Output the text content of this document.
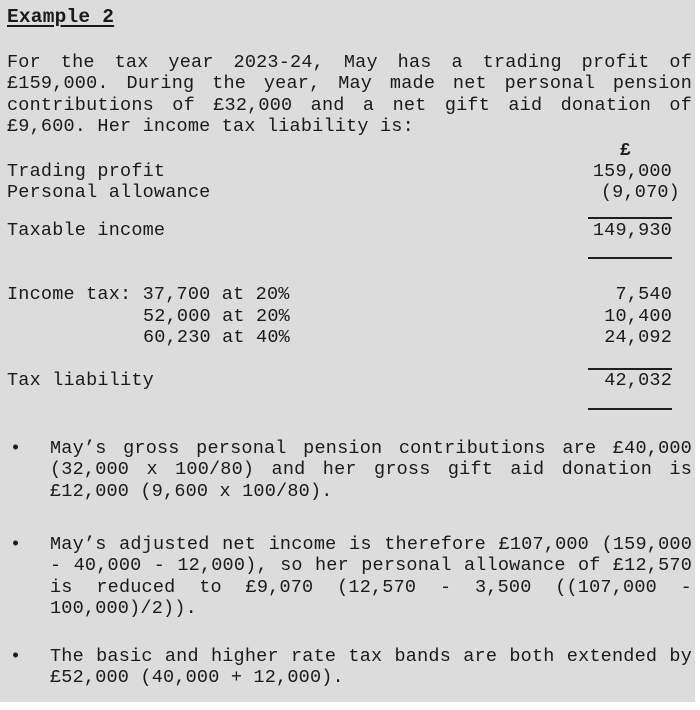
Example 2

For the tax year 2023-24, May has a trading profit of £159,000. During the year, May made net personal pension contributions of £32,000 and a net gift aid donation of £9,600. Her income tax liability is:

£
Trading profit	159,000
Personal allowance	(9,070)
Taxable income	149,930
Income tax: 37,700 at 20%	7,540
52,000 at 20%	10,400
60,230 at 40%	24,092
Tax liability	42,032
•	May’s gross personal pension contributions are £40,000 (32,000 x 100/80) and her gross gift aid donation is £12,000 (9,600 x 100/80).
•	May’s adjusted net income is therefore £107,000 (159,000 - 40,000 - 12,000), so her personal allowance of £12,570 is reduced to £9,070 (12,570 - 3,500 ((107,000 - 100,000)/2)).
•	The basic and higher rate tax bands are both extended by £52,000 (40,000 + 12,000).
